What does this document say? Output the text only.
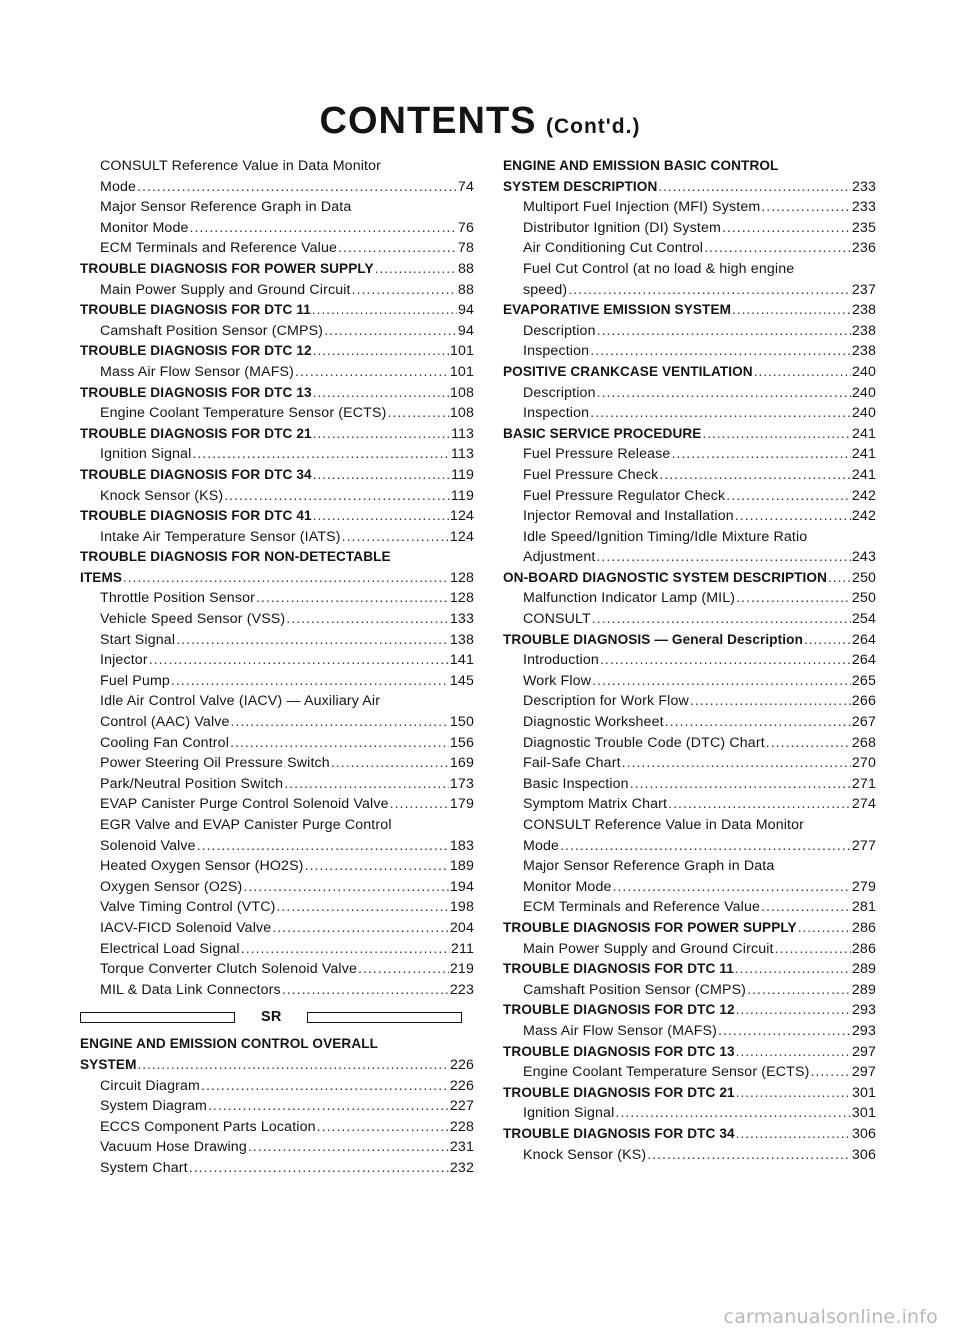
CONTENTS (Cont'd.)
CONSULT Reference Value in Data Monitor
Mode .....	74
Major Sensor Reference Graph in Data
Monitor Mode .....	76
ECM Terminals and Reference Value .....	78
TROUBLE DIAGNOSIS FOR POWER SUPPLY .....	88
Main Power Supply and Ground Circuit .....	88
TROUBLE DIAGNOSIS FOR DTC 11 .....	94
Camshaft Position Sensor (CMPS) .....	94
TROUBLE DIAGNOSIS FOR DTC 12 .....	101
Mass Air Flow Sensor (MAFS) .....	101
TROUBLE DIAGNOSIS FOR DTC 13 .....	108
Engine Coolant Temperature Sensor (ECTS) .....	108
TROUBLE DIAGNOSIS FOR DTC 21 .....	113
Ignition Signal .....	113
TROUBLE DIAGNOSIS FOR DTC 34 .....	119
Knock Sensor (KS) .....	119
TROUBLE DIAGNOSIS FOR DTC 41 .....	124
Intake Air Temperature Sensor (IATS) .....	124
TROUBLE DIAGNOSIS FOR NON-DETECTABLE
ITEMS .....	128
Throttle Position Sensor .....	128
Vehicle Speed Sensor (VSS) .....	133
Start Signal .....	138
Injector .....	141
Fuel Pump .....	145
Idle Air Control Valve (IACV) — Auxiliary Air
Control (AAC) Valve .....	150
Cooling Fan Control .....	156
Power Steering Oil Pressure Switch .....	169
Park/Neutral Position Switch .....	173
EVAP Canister Purge Control Solenoid Valve .....	179
EGR Valve and EVAP Canister Purge Control
Solenoid Valve .....	183
Heated Oxygen Sensor (HO2S) .....	189
Oxygen Sensor (O2S) .....	194
Valve Timing Control (VTC) .....	198
IACV-FICD Solenoid Valve .....	204
Electrical Load Signal .....	211
Torque Converter Clutch Solenoid Valve .....	219
MIL & Data Link Connectors .....	223
SR
ENGINE AND EMISSION CONTROL OVERALL
SYSTEM .....	226
Circuit Diagram .....	226
System Diagram .....	227
ECCS Component Parts Location .....	228
Vacuum Hose Drawing .....	231
System Chart .....	232
ENGINE AND EMISSION BASIC CONTROL
SYSTEM DESCRIPTION .....	233
Multiport Fuel Injection (MFI) System .....	233
Distributor Ignition (DI) System .....	235
Air Conditioning Cut Control .....	236
Fuel Cut Control (at no load & high engine
speed) .....	237
EVAPORATIVE EMISSION SYSTEM .....	238
Description .....	238
Inspection .....	238
POSITIVE CRANKCASE VENTILATION .....	240
Description .....	240
Inspection .....	240
BASIC SERVICE PROCEDURE .....	241
Fuel Pressure Release .....	241
Fuel Pressure Check .....	241
Fuel Pressure Regulator Check .....	242
Injector Removal and Installation .....	242
Idle Speed/Ignition Timing/Idle Mixture Ratio
Adjustment .....	243
ON-BOARD DIAGNOSTIC SYSTEM DESCRIPTION ..... 250
Malfunction Indicator Lamp (MIL) .....	250
CONSULT .....	254
TROUBLE DIAGNOSIS — General Description .....	264
Introduction .....	264
Work Flow .....	265
Description for Work Flow .....	266
Diagnostic Worksheet .....	267
Diagnostic Trouble Code (DTC) Chart .....	268
Fail-Safe Chart .....	270
Basic Inspection .....	271
Symptom Matrix Chart .....	274
CONSULT Reference Value in Data Monitor
Mode .....	277
Major Sensor Reference Graph in Data
Monitor Mode .....	279
ECM Terminals and Reference Value .....	281
TROUBLE DIAGNOSIS FOR POWER SUPPLY .....	286
Main Power Supply and Ground Circuit .....	286
TROUBLE DIAGNOSIS FOR DTC 11 .....	289
Camshaft Position Sensor (CMPS) .....	289
TROUBLE DIAGNOSIS FOR DTC 12 .....	293
Mass Air Flow Sensor (MAFS) .....	293
TROUBLE DIAGNOSIS FOR DTC 13 .....	297
Engine Coolant Temperature Sensor (ECTS) .....	297
TROUBLE DIAGNOSIS FOR DTC 21 .....	301
Ignition Signal .....	301
TROUBLE DIAGNOSIS FOR DTC 34 .....	306
Knock Sensor (KS) .....	306
carmanualsonline.info
